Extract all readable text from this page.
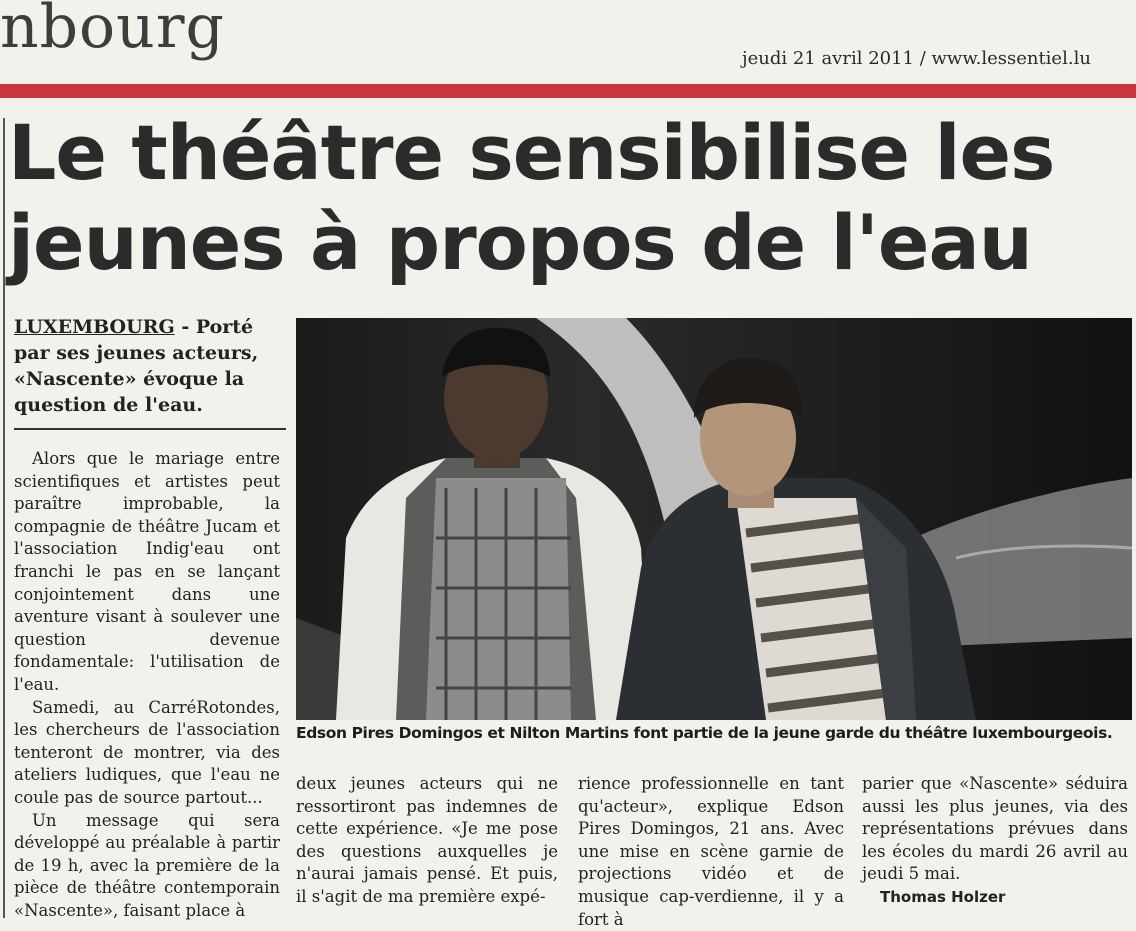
nbourg	jeudi 21 avril 2011 / www.lessentiel.lu
Le théâtre sensibilise les
jeunes à propos de l'eau
LUXEMBOURG - Porté par ses jeunes acteurs, «Nascente» évoque la question de l'eau.

Alors que le mariage entre scientifiques et artistes peut paraître improbable, la compagnie de théâtre Jucam et l'association Indig'eau ont franchi le pas en se lançant conjointement dans une aventure visant à soulever une question devenue fondamentale: l'utilisation de l'eau.

Samedi, au CarréRotondes, les chercheurs de l'association tenteront de montrer, via des ateliers ludiques, que l'eau ne coule pas de source partout...

Un message qui sera développé au préalable à partir de 19 h, avec la première de la pièce de théâtre contemporain «Nascente», faisant place à

Edson Pires Domingos et Nilton Martins font partie de la jeune garde du théâtre luxembourgeois.

deux jeunes acteurs qui ne ressortiront pas indemnes de cette expérience. «Je me pose des questions auxquelles je n'aurai jamais pensé. Et puis, il s'agit de ma première expé-

rience professionnelle en tant qu'acteur», explique Edson Pires Domingos, 21 ans. Avec une mise en scène garnie de projections vidéo et de musique cap-verdienne, il y a fort à

parier que «Nascente» séduira aussi les plus jeunes, via des représentations prévues dans les écoles du mardi 26 avril au jeudi 5 mai.

Thomas Holzer
